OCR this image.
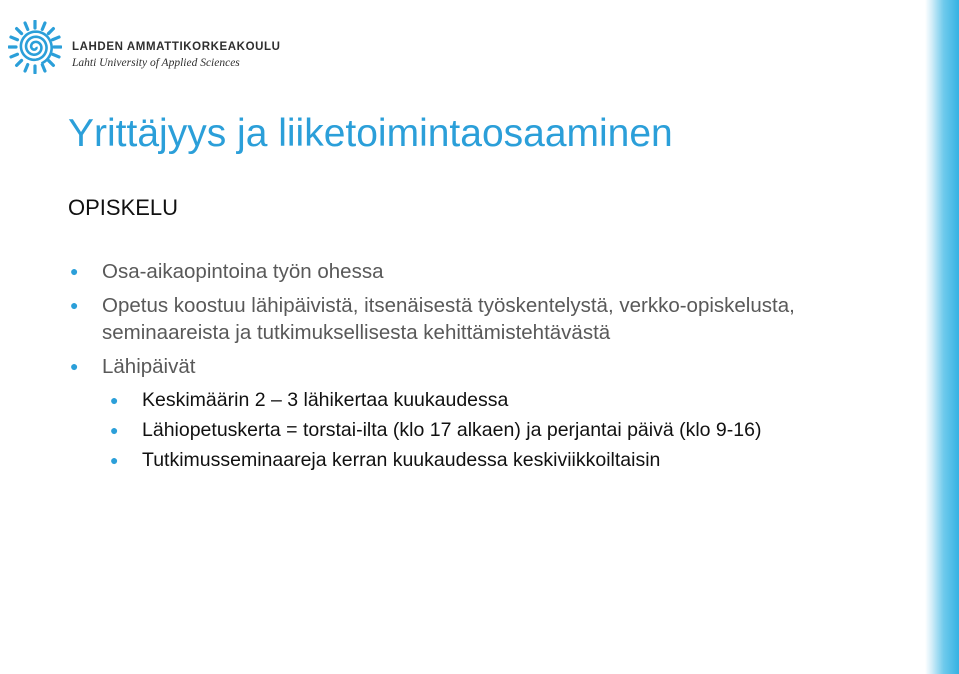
LAHDEN AMMATTIKORKEAKOULU
Lahti University of Applied Sciences
Yrittäjyys ja liiketoimintaosaaminen
OPISKELU
● Osa-aikaopintoina työn ohessa
● Opetus koostuu lähipäivistä, itsenäisestä työskentelystä, verkko-opiskelusta, seminaareista ja tutkimuksellisesta kehittämistehtävästä
● Lähipäivät
● Keskimäärin 2 – 3 lähikertaa kuukaudessa
● Lähiopetuskerta = torstai-ilta (klo 17 alkaen) ja perjantai päivä (klo 9-16)
● Tutkimusseminaareja kerran kuukaudessa keskiviikkoiltaisin
